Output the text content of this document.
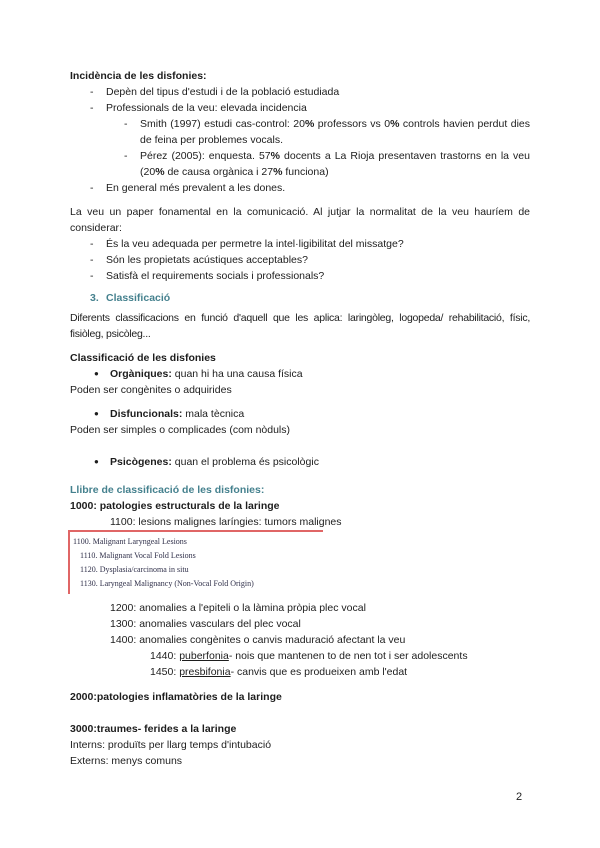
Incidència de les disfonies:
-	Depèn del tipus d'estudi i de la població estudiada
-	Professionals de la veu: elevada incidencia
-	Smith (1997) estudi cas-control: 20% professors vs 0% controls havien perdut dies de feina per problemes vocals.
-	Pérez (2005): enquesta. 57% docents a La Rioja presentaven trastorns en la veu (20% de causa orgànica i 27% funciona)
-	En general més prevalent a les dones.
La veu un paper fonamental en la comunicació. Al jutjar la normalitat de la veu hauríem de considerar:
-	És la veu adequada per permetre la intel·ligibilitat del missatge?
-	Són les propietats acústiques acceptables?
-	Satisfà el requirements socials i professionals?
3. Classificació
Diferents classificacions en funció d'aquell que les aplica: laringòleg, logopeda/ rehabilitació, físic, fisiòleg, psicòleg...
Classificació de les disfonies
●	Orgàniques: quan hi ha una causa física
Poden ser congènites o adquirides
●	Disfuncionals: mala tècnica
Poden ser simples o complicades (com nòduls)
●	Psicògenes: quan el problema és psicològic
Llibre de classificació de les disfonies:
1000: patologies estructurals de la laringe
1100: lesions malignes laríngies: tumors malignes
1100. Malignant Laryngeal Lesions
1110. Malignant Vocal Fold Lesions
1120. Dysplasia/carcinoma in situ
1130. Laryngeal Malignancy (Non-Vocal Fold Origin)
1200: anomalies a l'epiteli o la làmina pròpia plec vocal
1300: anomalies vasculars del plec vocal
1400: anomalies congènites o canvis maduració afectant la veu
1440: puberfonia- nois que mantenen to de nen tot i ser adolescents
1450: presbifonia- canvis que es produeixen amb l'edat
2000:patologies inflamatòries de la laringe
3000:traumes- ferides a la laringe
Interns: produïts per llarg temps d'intubació
Externs: menys comuns
2
